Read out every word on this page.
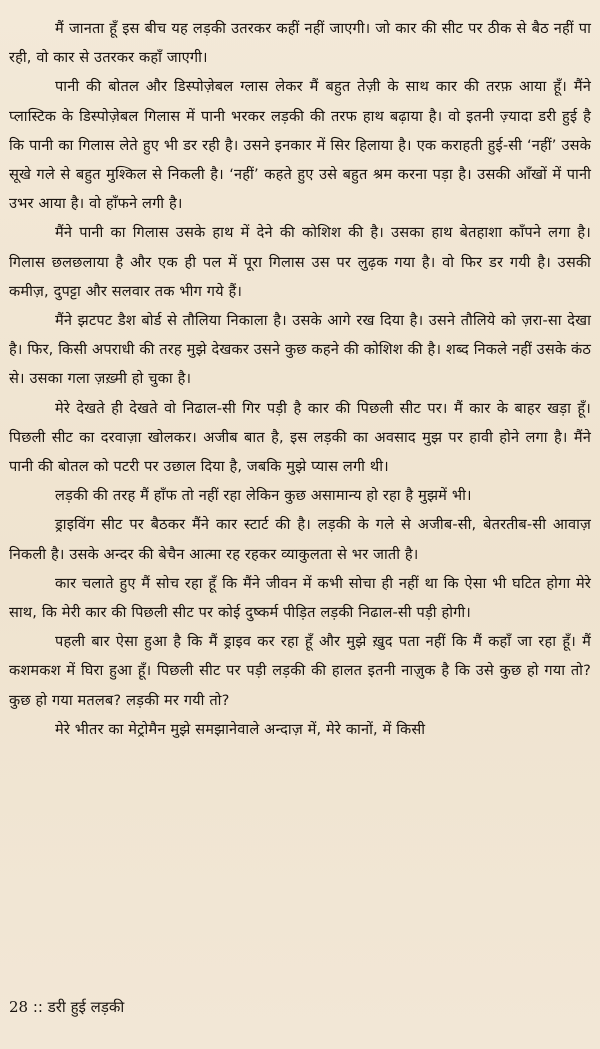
मैं जानता हूँ इस बीच यह लड़की उतरकर कहीं नहीं जाएगी। जो कार की सीट पर ठीक से बैठ नहीं पा रही, वो कार से उतरकर कहाँ जाएगी।

पानी की बोतल और डिस्पोज़ेबल ग्लास लेकर मैं बहुत तेज़ी के साथ कार की तरफ़ आया हूँ। मैंने प्लास्टिक के डिस्पोज़ेबल गिलास में पानी भरकर लड़की की तरफ हाथ बढ़ाया है। वो इतनी ज़्यादा डरी हुई है कि पानी का गिलास लेते हुए भी डर रही है। उसने इनकार में सिर हिलाया है। एक कराहती हुई-सी ‘नहीं’ उसके सूखे गले से बहुत मुश्किल से निकली है। ‘नहीं’ कहते हुए उसे बहुत श्रम करना पड़ा है। उसकी आँखों में पानी उभर आया है। वो हाँफने लगी है।

मैंने पानी का गिलास उसके हाथ में देने की कोशिश की है। उसका हाथ बेतहाशा काँपने लगा है। गिलास छलछलाया है और एक ही पल में पूरा गिलास उस पर लुढ़क गया है। वो फिर डर गयी है। उसकी कमीज़, दुपट्टा और सलवार तक भीग गये हैं।

मैंने झटपट डैश बोर्ड से तौलिया निकाला है। उसके आगे रख दिया है। उसने तौलिये को ज़रा-सा देखा है। फिर, किसी अपराधी की तरह मुझे देखकर उसने कुछ कहने की कोशिश की है। शब्द निकले नहीं उसके कंठ से। उसका गला ज़ख़्मी हो चुका है।

मेरे देखते ही देखते वो निढाल-सी गिर पड़ी है कार की पिछली सीट पर। मैं कार के बाहर खड़ा हूँ। पिछली सीट का दरवाज़ा खोलकर। अजीब बात है, इस लड़की का अवसाद मुझ पर हावी होने लगा है। मैंने पानी की बोतल को पटरी पर उछाल दिया है, जबकि मुझे प्यास लगी थी।

लड़की की तरह मैं हाँफ तो नहीं रहा लेकिन कुछ असामान्य हो रहा है मुझमें भी।

ड्राइविंग सीट पर बैठकर मैंने कार स्टार्ट की है। लड़की के गले से अजीब-सी, बेतरतीब-सी आवाज़ निकली है। उसके अन्दर की बेचैन आत्मा रह रहकर व्याकुलता से भर जाती है।

कार चलाते हुए मैं सोच रहा हूँ कि मैंने जीवन में कभी सोचा ही नहीं था कि ऐसा भी घटित होगा मेरे साथ, कि मेरी कार की पिछली सीट पर कोई दुष्कर्म पीड़ित लड़की निढाल-सी पड़ी होगी।

पहली बार ऐसा हुआ है कि मैं ड्राइव कर रहा हूँ और मुझे ख़ुद पता नहीं कि मैं कहाँ जा रहा हूँ। मैं कशमकश में घिरा हुआ हूँ। पिछली सीट पर पड़ी लड़की की हालत इतनी नाज़ुक है कि उसे कुछ हो गया तो? कुछ हो गया मतलब? लड़की मर गयी तो?

मेरे भीतर का मेट्रोमैन मुझे समझानेवाले अन्दाज़ में, मेरे कानों, में किसी

28 :: डरी हुई लड़की
